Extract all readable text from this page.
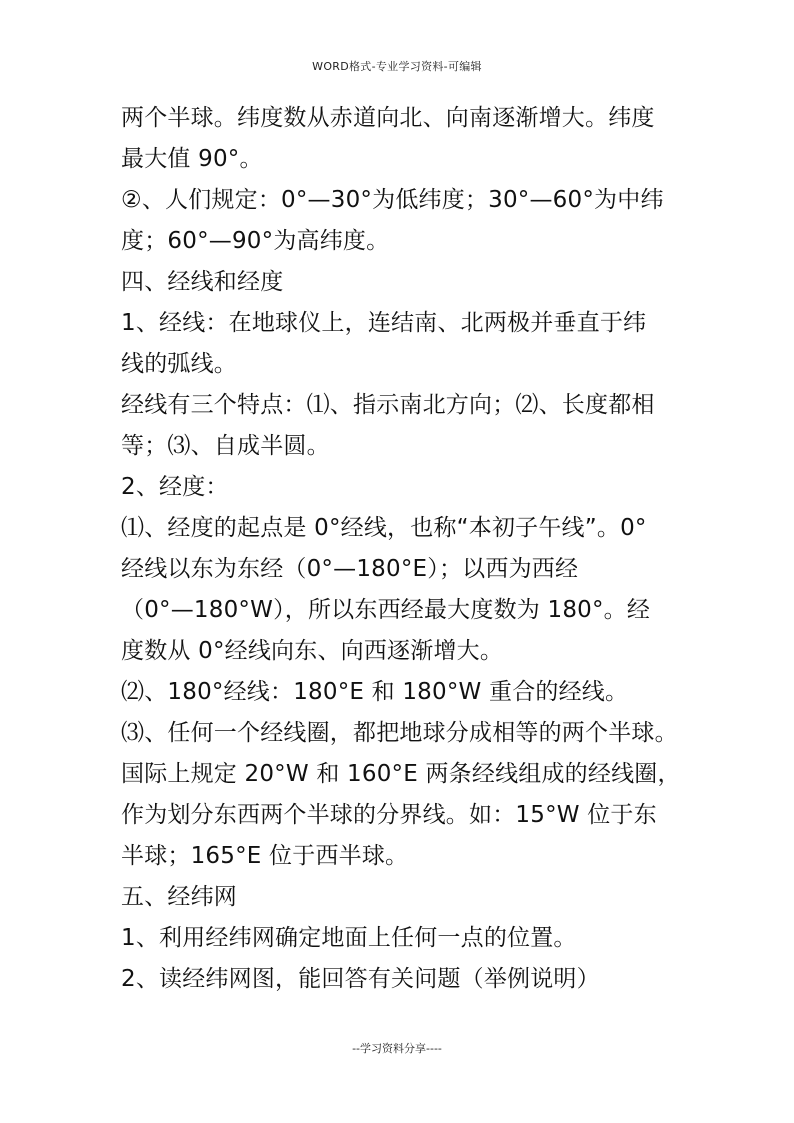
WORD格式-专业学习资料-可编辑
两个半球。纬度数从赤道向北、向南逐渐增大。纬度
最大值 90°。
②、人们规定：0°—30°为低纬度；30°—60°为中纬
度；60°—90°为高纬度。
四、经线和经度
1、经线：在地球仪上，连结南、北两极并垂直于纬
线的弧线。
经线有三个特点：⑴、指示南北方向；⑵、长度都相
等；⑶、自成半圆。
2、经度：
⑴、经度的起点是 0°经线，也称“本初子午线”。0°
经线以东为东经（0°—180°E）；以西为西经
（0°—180°W），所以东西经最大度数为 180°。经
度数从 0°经线向东、向西逐渐增大。
⑵、180°经线：180°E 和 180°W 重合的经线。
⑶、任何一个经线圈，都把地球分成相等的两个半球。
国际上规定 20°W 和 160°E 两条经线组成的经线圈，
作为划分东西两个半球的分界线。如：15°W 位于东
半球；165°E 位于西半球。
五、经纬网
1、利用经纬网确定地面上任何一点的位置。
2、读经纬网图，能回答有关问题（举例说明）
--学习资料分享----
